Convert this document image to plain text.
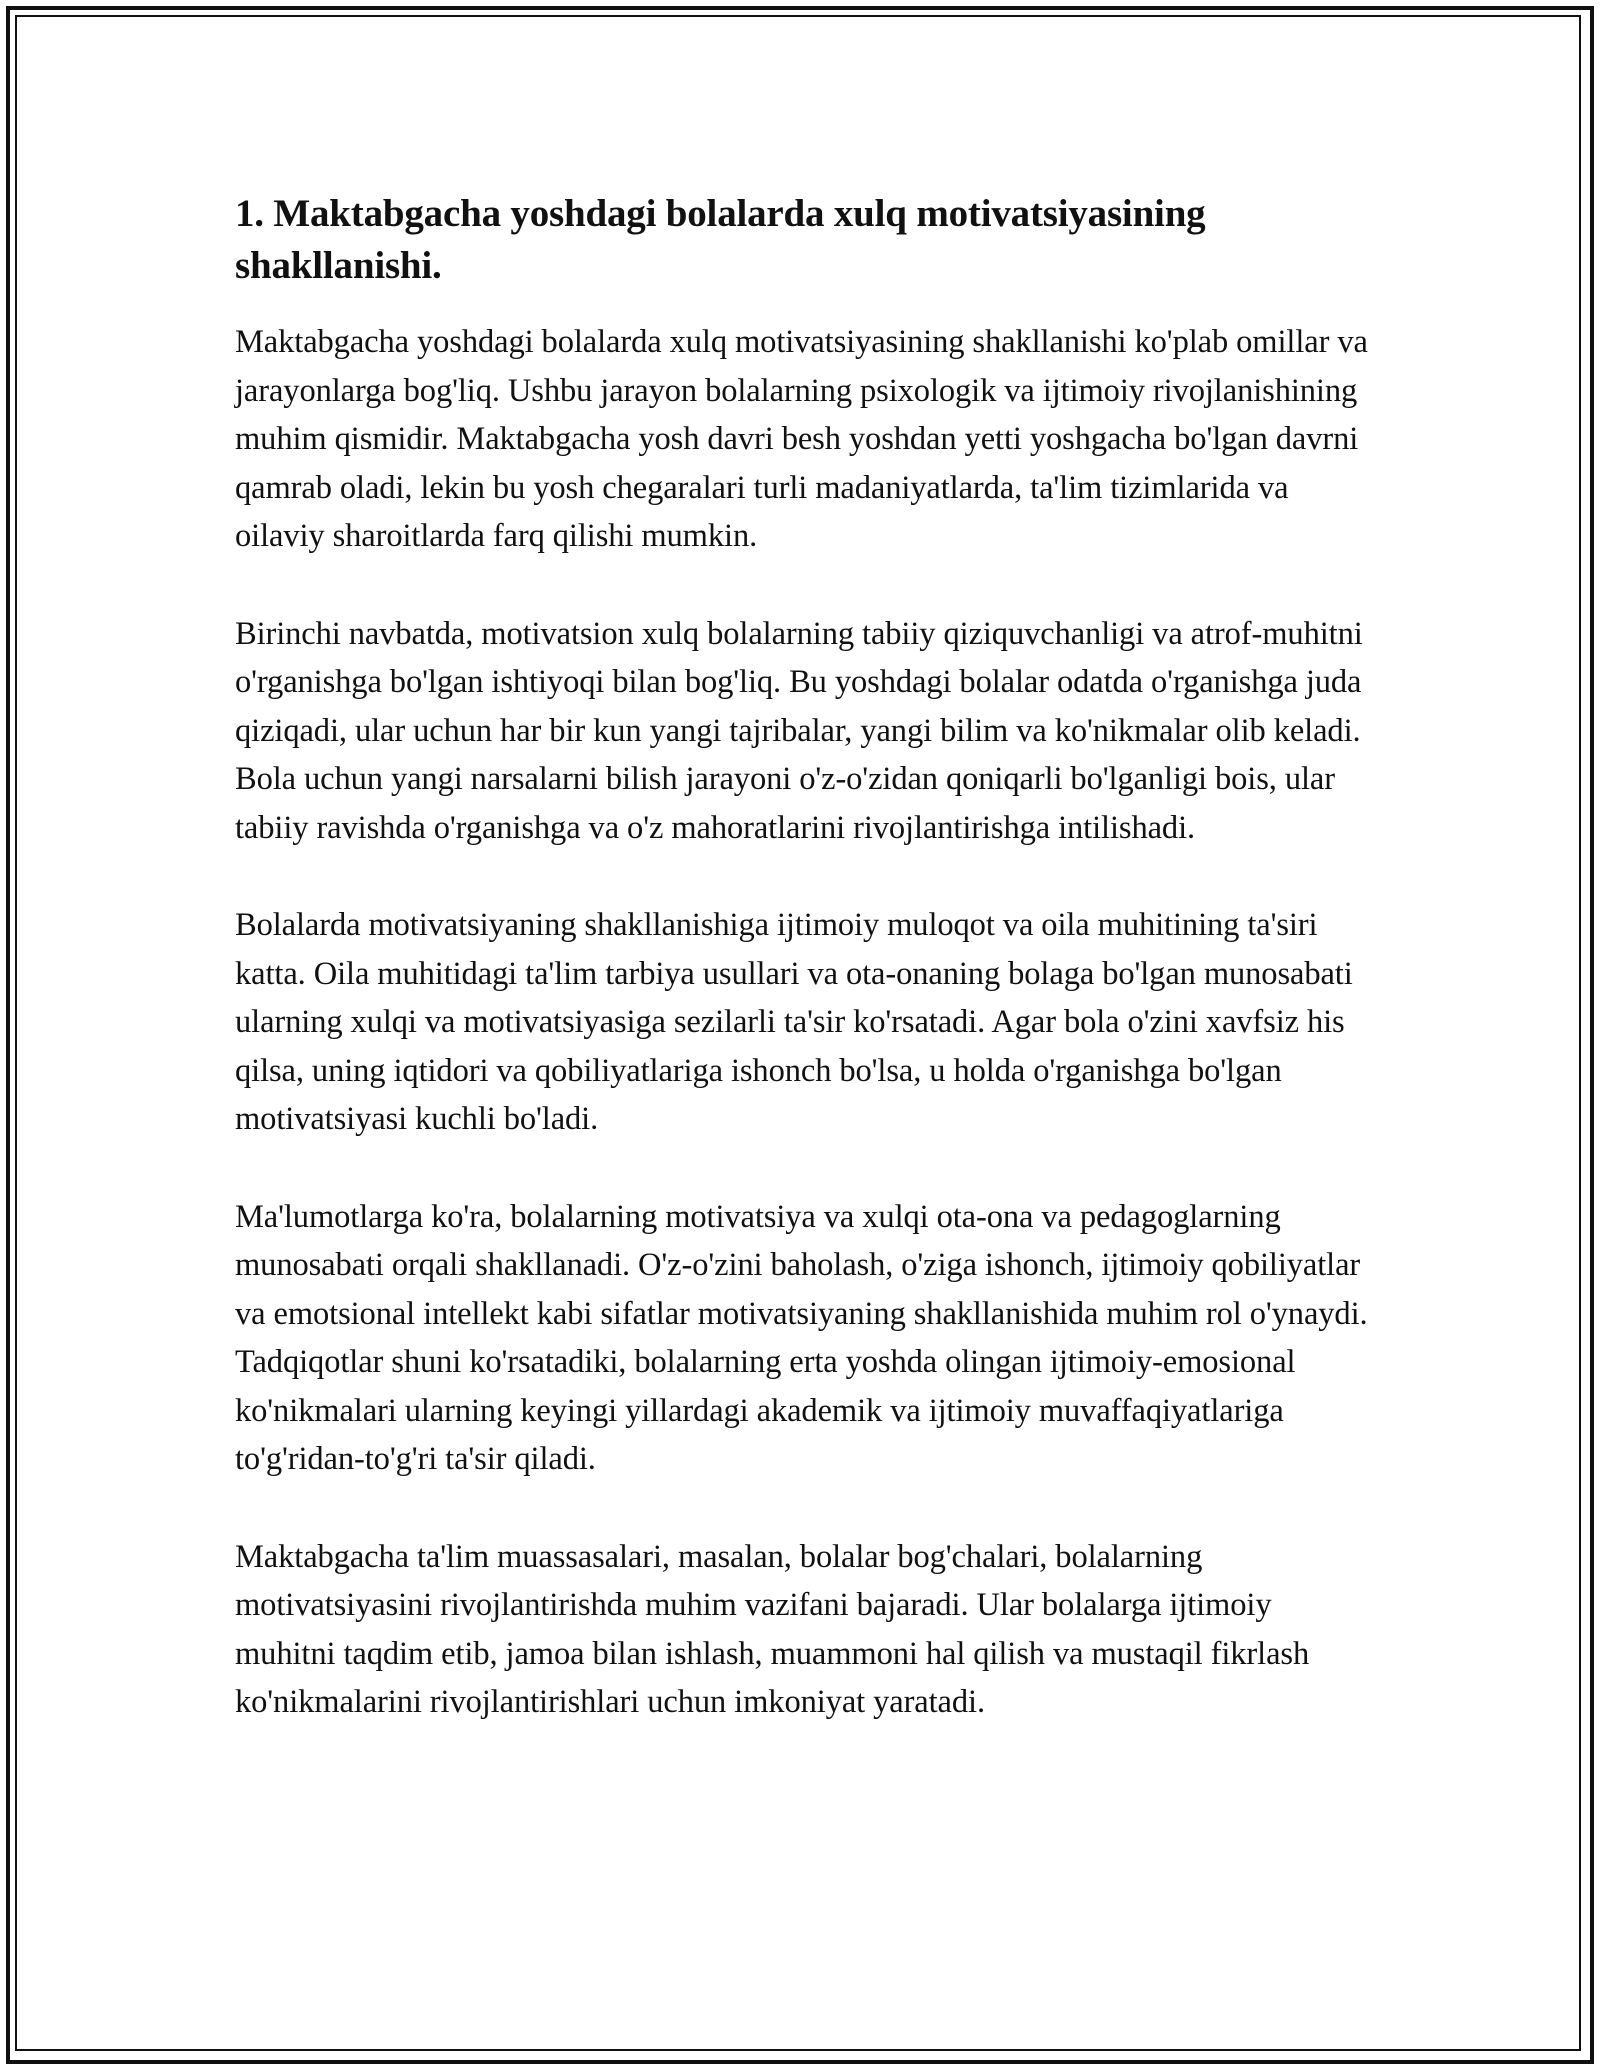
1. Maktabgacha yoshdagi bolalarda xulq motivatsiyasining shakllanishi.

Maktabgacha yoshdagi bolalarda xulq motivatsiyasining shakllanishi ko'plab omillar va jarayonlarga bog'liq. Ushbu jarayon bolalarning psixologik va ijtimoiy rivojlanishining muhim qismidir. Maktabgacha yosh davri besh yoshdan yetti yoshgacha bo'lgan davrni qamrab oladi, lekin bu yosh chegaralari turli madaniyatlarda, ta'lim tizimlarida va oilaviy sharoitlarda farq qilishi mumkin.

Birinchi navbatda, motivatsion xulq bolalarning tabiiy qiziquvchanligi va atrof-muhitni o'rganishga bo'lgan ishtiyoqi bilan bog'liq. Bu yoshdagi bolalar odatda o'rganishga juda qiziqadi, ular uchun har bir kun yangi tajribalar, yangi bilim va ko'nikmalar olib keladi. Bola uchun yangi narsalarni bilish jarayoni o'z-o'zidan qoniqarli bo'lganligi bois, ular tabiiy ravishda o'rganishga va o'z mahoratlarini rivojlantirishga intilishadi.

Bolalarda motivatsiyaning shakllanishiga ijtimoiy muloqot va oila muhitining ta'siri katta. Oila muhitidagi ta'lim tarbiya usullari va ota-onaning bolaga bo'lgan munosabati ularning xulqi va motivatsiyasiga sezilarli ta'sir ko'rsatadi. Agar bola o'zini xavfsiz his qilsa, uning iqtidori va qobiliyatlariga ishonch bo'lsa, u holda o'rganishga bo'lgan motivatsiyasi kuchli bo'ladi.

Ma'lumotlarga ko'ra, bolalarning motivatsiya va xulqi ota-ona va pedagoglarning munosabati orqali shakllanadi. O'z-o'zini baholash, o'ziga ishonch, ijtimoiy qobiliyatlar va emotsional intellekt kabi sifatlar motivatsiyaning shakllanishida muhim rol o'ynaydi. Tadqiqotlar shuni ko'rsatadiki, bolalarning erta yoshda olingan ijtimoiy-emosional ko'nikmalari ularning keyingi yillardagi akademik va ijtimoiy muvaffaqiyatlariga to'g'ridan-to'g'ri ta'sir qiladi.

Maktabgacha ta'lim muassasalari, masalan, bolalar bog'chalari, bolalarning motivatsiyasini rivojlantirishda muhim vazifani bajaradi. Ular bolalarga ijtimoiy muhitni taqdim etib, jamoa bilan ishlash, muammoni hal qilish va mustaqil fikrlash ko'nikmalarini rivojlantirishlari uchun imkoniyat yaratadi.
